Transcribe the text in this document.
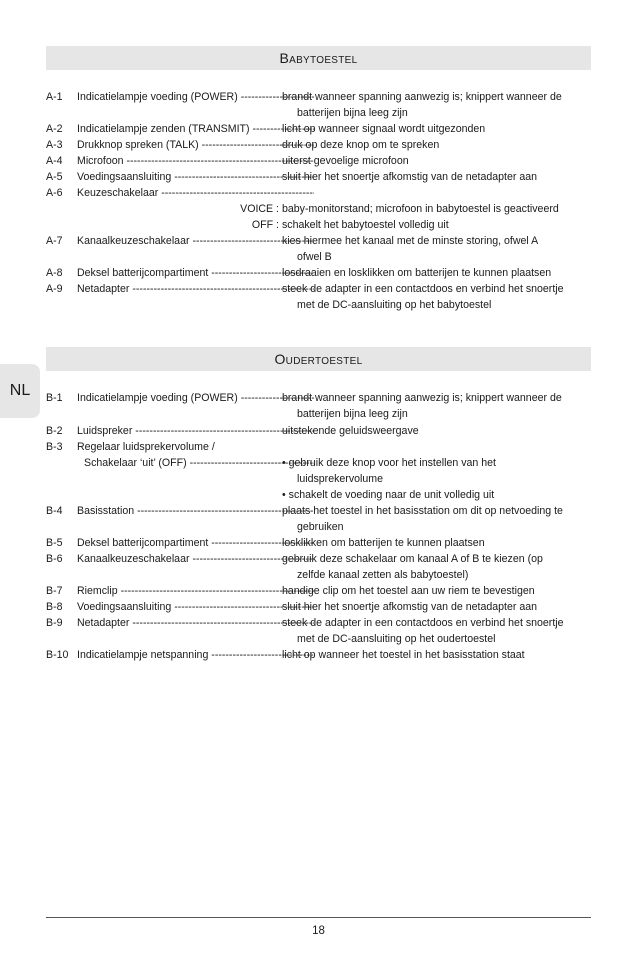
NL
Babytoestel
A-1 Indicatielampje voeding (POWER) -----	brandt wanneer spanning aanwezig is; knippert wanneer de
batterijen bijna leeg zijn
A-2 Indicatielampje zenden (TRANSMIT) -----	licht op wanneer signaal wordt uitgezonden
A-3 Drukknop spreken (TALK) -----	druk op deze knop om te spreken
A-4 Microfoon -----	uiterst gevoelige microfoon
A-5 Voedingsaansluiting -----	sluit hier het snoertje afkomstig van de netadapter aan
A-6 Keuzeschakelaar -----
VOICE : baby-monitorstand; microfoon in babytoestel is geactiveerd
OFF : schakelt het babytoestel volledig uit
A-7 Kanaalkeuzeschakelaar -----	kies hiermee het kanaal met de minste storing, ofwel A
ofwel B
A-8 Deksel batterijcompartiment -----	losdraaien en losklikken om batterijen te kunnen plaatsen
A-9 Netadapter -----	steek de adapter in een contactdoos en verbind het snoertje
met de DC-aansluiting op het babytoestel
Oudertoestel
B-1 Indicatielampje voeding (POWER) -----	brandt wanneer spanning aanwezig is; knippert wanneer de
batterijen bijna leeg zijn
B-2 Luidspreker -----	uitstekende geluidsweergave
B-3 Regelaar luidsprekervolume /
Schakelaar ‘uit’ (OFF) -----	• gebruik deze knop voor het instellen van het
luidsprekervolume
• schakelt de voeding naar de unit volledig uit
B-4 Basisstation -----	plaats het toestel in het basisstation om dit op netvoeding te
gebruiken
B-5 Deksel batterijcompartiment -----	losklikken om batterijen te kunnen plaatsen
B-6 Kanaalkeuzeschakelaar -----	gebruik deze schakelaar om kanaal A of B te kiezen (op
zelfde kanaal zetten als babytoestel)
B-7 Riemclip -----	handige clip om het toestel aan uw riem te bevestigen
B-8 Voedingsaansluiting -----	sluit hier het snoertje afkomstig van de netadapter aan
B-9 Netadapter -----	steek de adapter in een contactdoos en verbind het snoertje
met de DC-aansluiting op het oudertoestel
B-10 Indicatielampje netspanning -----	licht op wanneer het toestel in het basisstation staat
18
